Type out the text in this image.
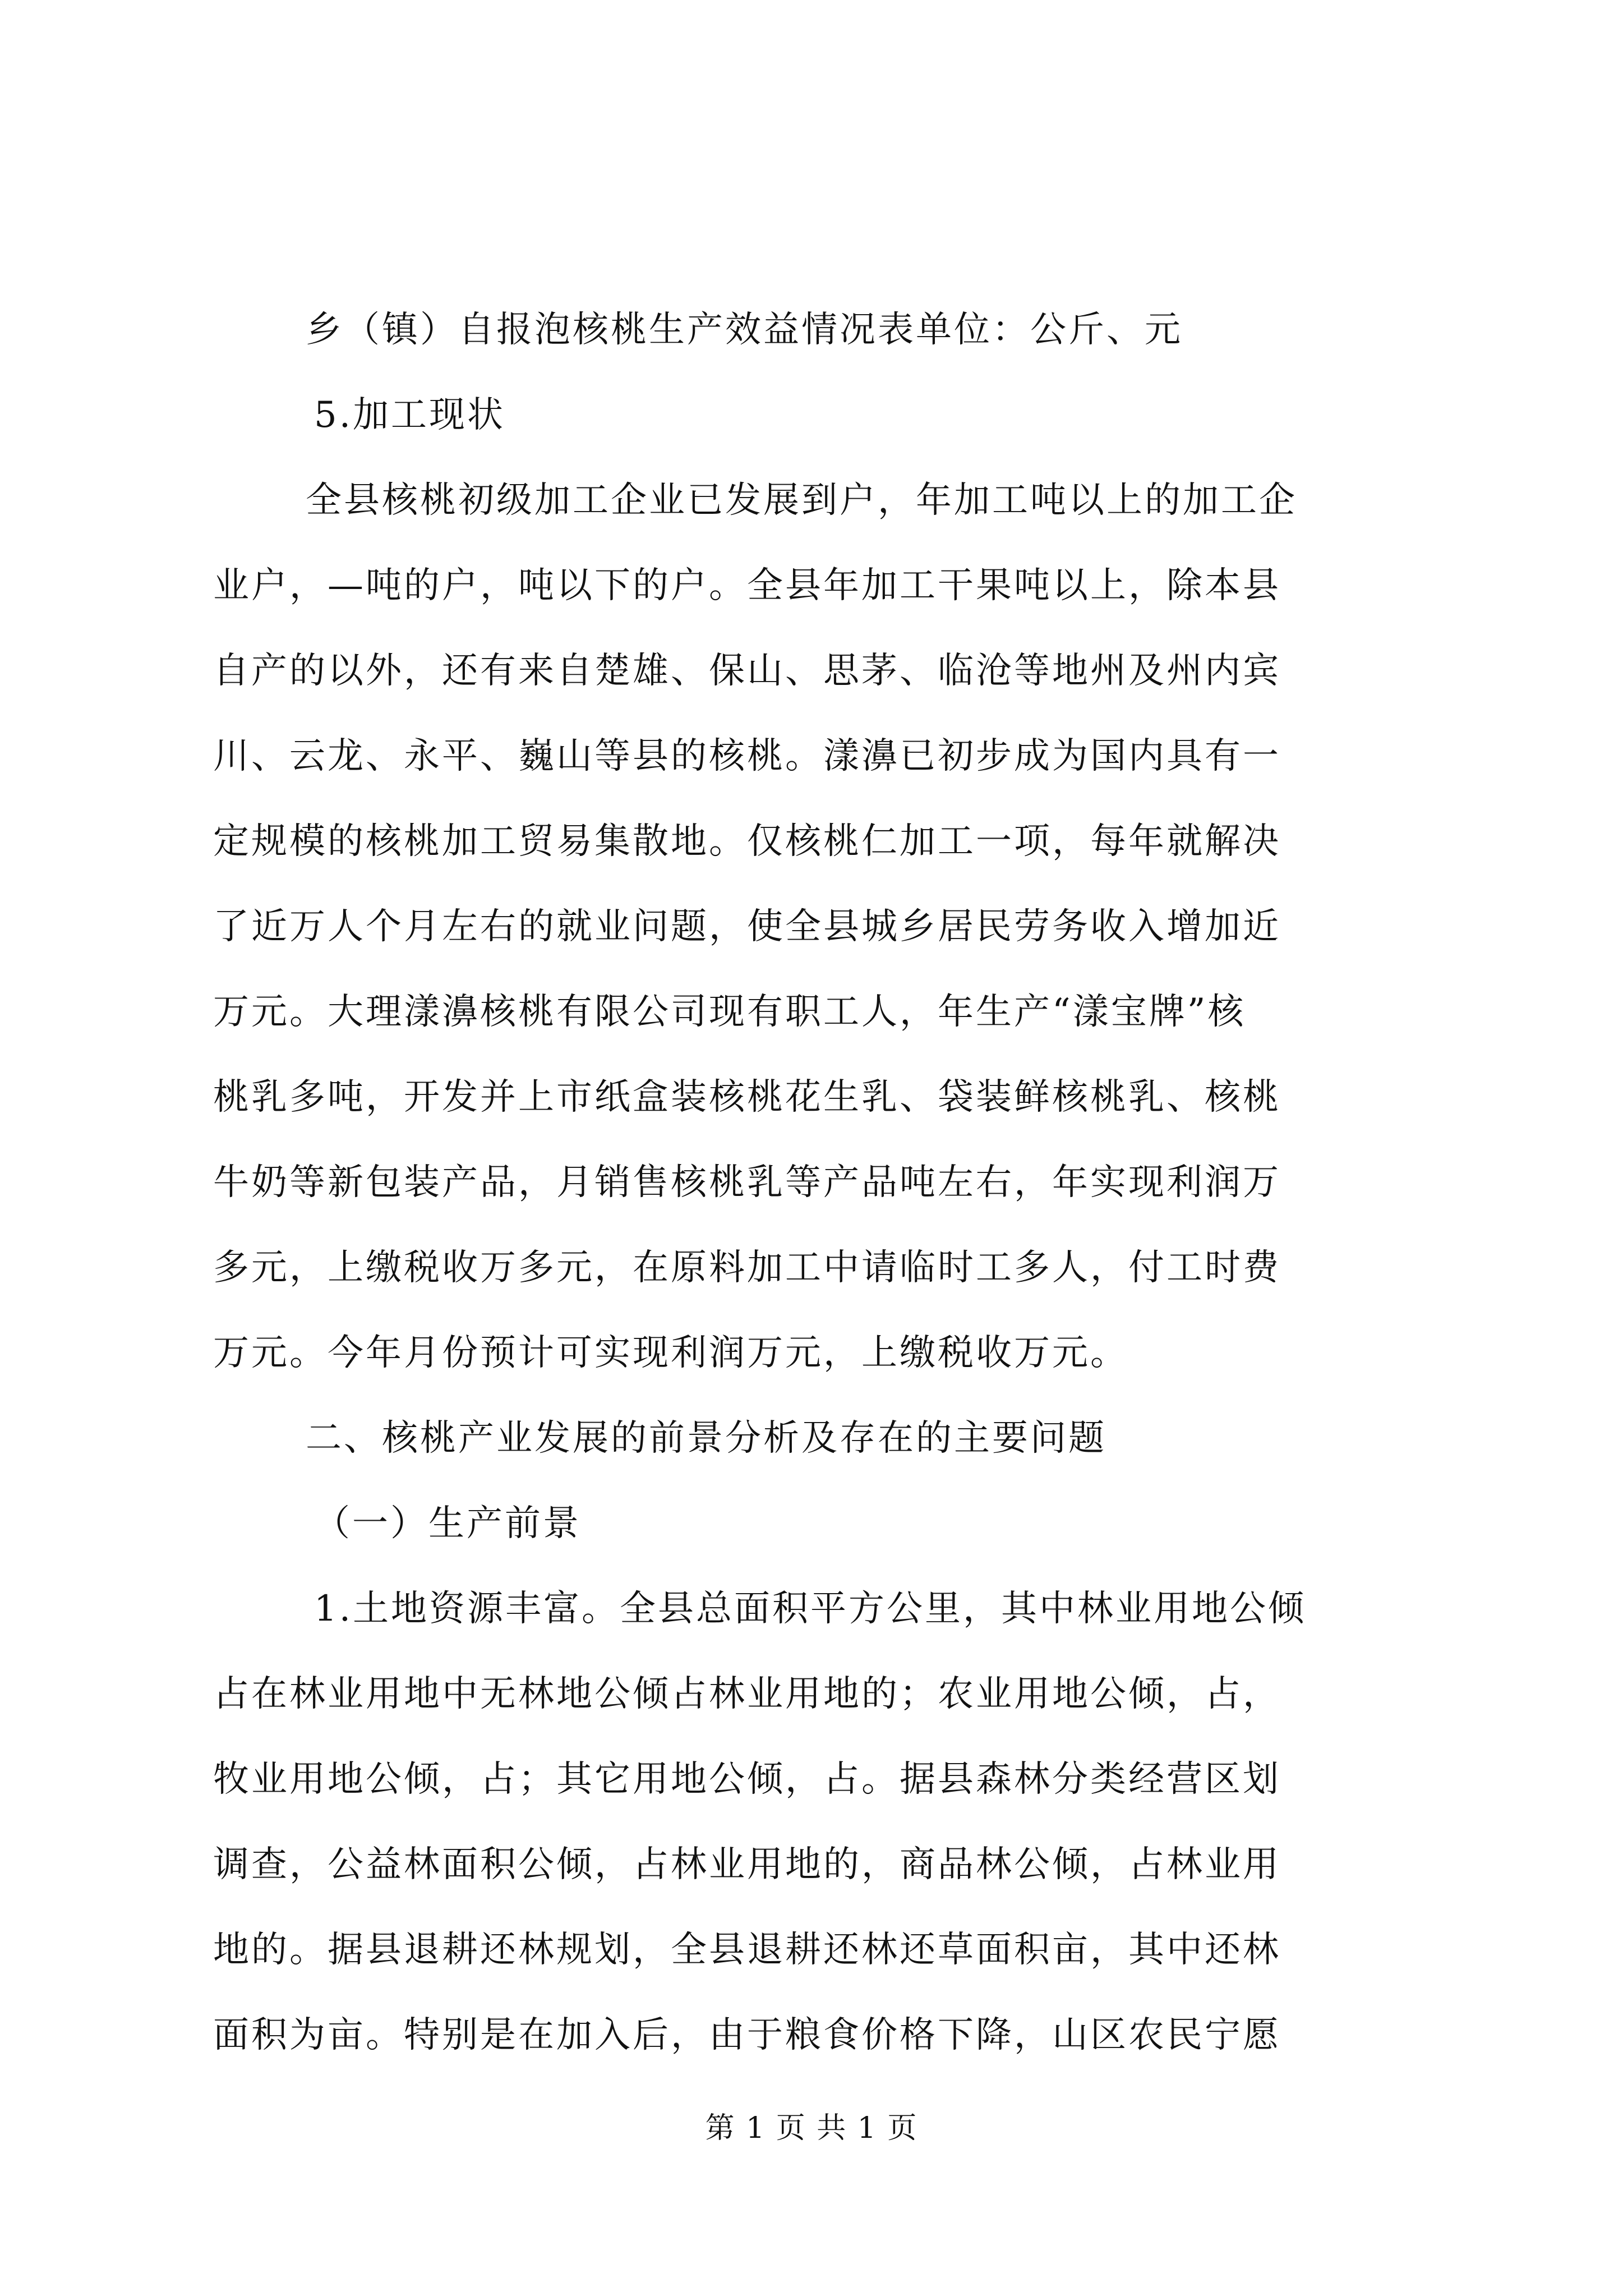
乡（镇）自报泡核桃生产效益情况表单位：公斤、元
5.加工现状
全县核桃初级加工企业已发展到户，年加工吨以上的加工企
业户，—吨的户，吨以下的户。全县年加工干果吨以上，除本县
自产的以外，还有来自楚雄、保山、思茅、临沧等地州及州内宾
川、云龙、永平、巍山等县的核桃。漾濞已初步成为国内具有一
定规模的核桃加工贸易集散地。仅核桃仁加工一项，每年就解决
了近万人个月左右的就业问题，使全县城乡居民劳务收入增加近
万元。大理漾濞核桃有限公司现有职工人，年生产“漾宝牌”核
桃乳多吨，开发并上市纸盒装核桃花生乳、袋装鲜核桃乳、核桃
牛奶等新包装产品，月销售核桃乳等产品吨左右，年实现利润万
多元，上缴税收万多元，在原料加工中请临时工多人，付工时费
万元。今年月份预计可实现利润万元，上缴税收万元。
二、核桃产业发展的前景分析及存在的主要问题
（一）生产前景
1.土地资源丰富。全县总面积平方公里，其中林业用地公倾
占在林业用地中无林地公倾占林业用地的；农业用地公倾，占，
牧业用地公倾，占；其它用地公倾，占。据县森林分类经营区划
调查，公益林面积公倾，占林业用地的，商品林公倾，占林业用
地的。据县退耕还林规划，全县退耕还林还草面积亩，其中还林
面积为亩。特别是在加入后，由于粮食价格下降，山区农民宁愿
第 1 页 共 1 页
